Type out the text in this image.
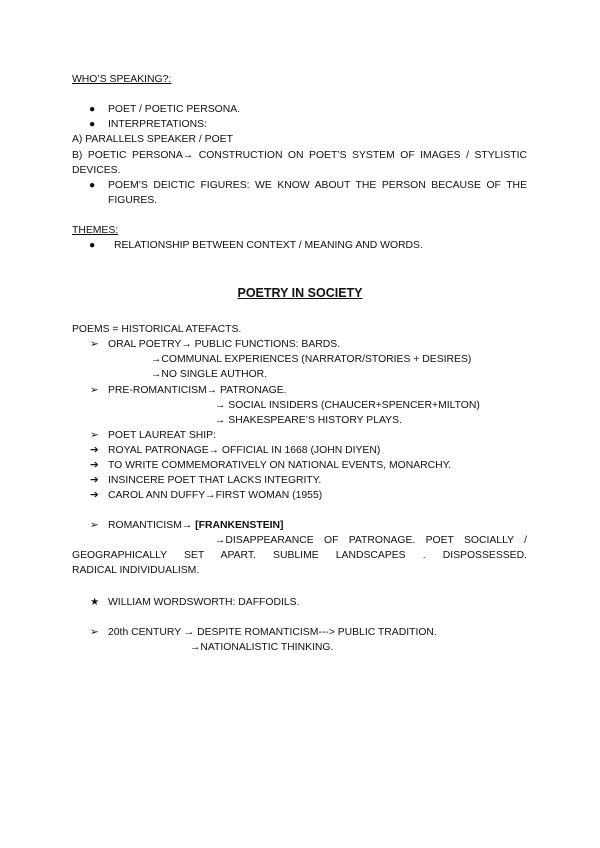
WHO’S SPEAKING?:
● POET / POETIC PERSONA.
● INTERPRETATIONS:
A) PARALLELS SPEAKER / POET
B) POETIC PERSONA→ CONSTRUCTION ON POET’S SYSTEM OF IMAGES / STYLISTIC DEVICES.
● POEM’S DEICTIC FIGURES: WE KNOW ABOUT THE PERSON BECAUSE OF THE FIGURES.
THEMES:
● RELATIONSHIP BETWEEN CONTEXT / MEANING AND WORDS.
POETRY IN SOCIETY
POEMS = HISTORICAL ATEFACTS.
➢ ORAL POETRY→ PUBLIC FUNCTIONS: BARDS.
→COMMUNAL EXPERIENCES (NARRATOR/STORIES + DESIRES)
→NO SINGLE AUTHOR.
➢ PRE-ROMANTICISM→ PATRONAGE.
→ SOCIAL INSIDERS (CHAUCER+SPENCER+MILTON)
→ SHAKESPEARE’S HISTORY PLAYS.
➢ POET LAUREAT SHIP:
➔ ROYAL PATRONAGE→ OFFICIAL IN 1668 (JOHN DIYEN)
➔ TO WRITE COMMEMORATIVELY ON NATIONAL EVENTS, MONARCHY.
➔ INSINCERE POET THAT LACKS INTEGRITY.
➔ CAROL ANN DUFFY→FIRST WOMAN (1955)
➢ ROMANTICISM→ [FRANKENSTEIN]
→DISAPPEARANCE OF PATRONAGE. POET SOCIALLY /
GEOGRAPHICALLY SET APART. SUBLIME LANDSCAPES . DISPOSSESSED.
RADICAL INDIVIDUALISM.
★ WILLIAM WORDSWORTH: DAFFODILS.
➢ 20th CENTURY → DESPITE ROMANTICISM---> PUBLIC TRADITION.
→NATIONALISTIC THINKING.
